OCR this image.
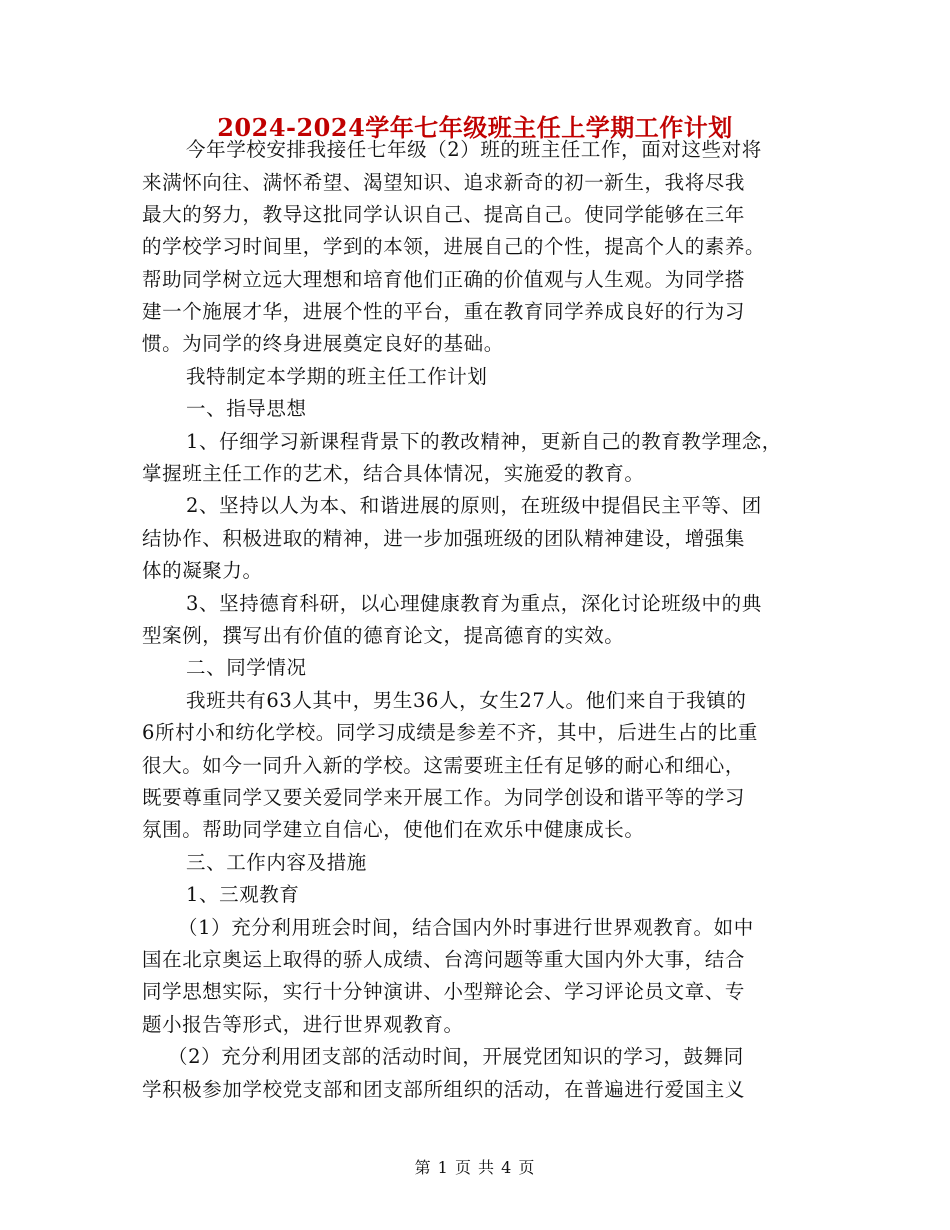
2024-2024学年七年级班主任上学期工作计划
今年学校安排我接任七年级（2）班的班主任工作，面对这些对将
来满怀向往、满怀希望、渴望知识、追求新奇的初一新生，我将尽我
最大的努力，教导这批同学认识自己、提高自己。使同学能够在三年
的学校学习时间里，学到的本领，进展自己的个性，提高个人的素养。
帮助同学树立远大理想和培育他们正确的价值观与人生观。为同学搭
建一个施展才华，进展个性的平台，重在教育同学养成良好的行为习
惯。为同学的终身进展奠定良好的基础。
我特制定本学期的班主任工作计划
一、指导思想
1、仔细学习新课程背景下的教改精神，更新自己的教育教学理念，
掌握班主任工作的艺术，结合具体情况，实施爱的教育。
2、坚持以人为本、和谐进展的原则，在班级中提倡民主平等、团
结协作、积极进取的精神，进一步加强班级的团队精神建设，增强集
体的凝聚力。
3、坚持德育科研，以心理健康教育为重点，深化讨论班级中的典
型案例，撰写出有价值的德育论文，提高德育的实效。
二、同学情况
我班共有63人其中，男生36人，女生27人。他们来自于我镇的
6所村小和纺化学校。同学习成绩是参差不齐，其中，后进生占的比重
很大。如今一同升入新的学校。这需要班主任有足够的耐心和细心，
既要尊重同学又要关爱同学来开展工作。为同学创设和谐平等的学习
氛围。帮助同学建立自信心，使他们在欢乐中健康成长。
三、工作内容及措施
1、三观教育
（1）充分利用班会时间，结合国内外时事进行世界观教育。如中
国在北京奥运上取得的骄人成绩、台湾问题等重大国内外大事，结合
同学思想实际，实行十分钟演讲、小型辩论会、学习评论员文章、专
题小报告等形式，进行世界观教育。
（2）充分利用团支部的活动时间，开展党团知识的学习，鼓舞同
学积极参加学校党支部和团支部所组织的活动，在普遍进行爱国主义
第 1 页 共 4 页
